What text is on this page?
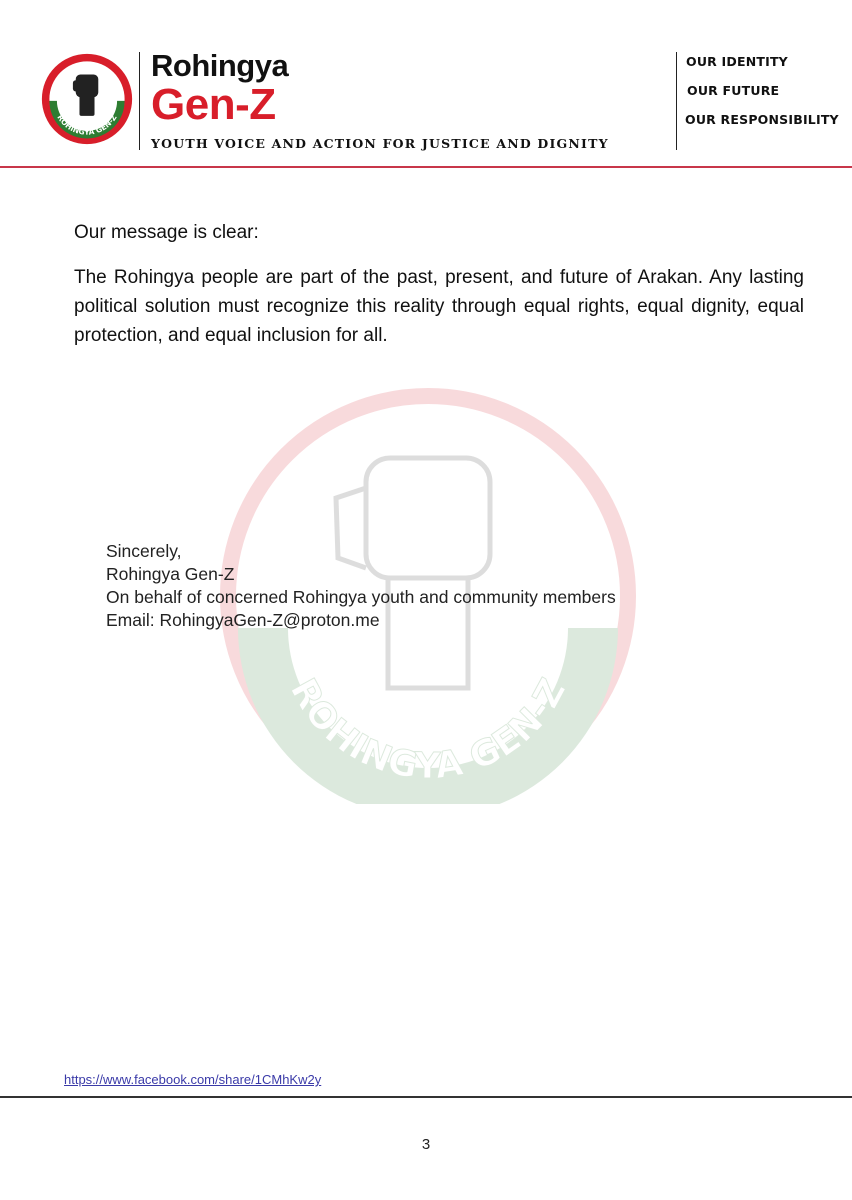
ROHINGYA GEN-Z
Rohingya
Gen-Z
YOUTH VOICE AND ACTION FOR JUSTICE AND DIGNITY
OUR IDENTITY
OUR FUTURE
OUR RESPONSIBILITY
ROHINGYA GEN-Z
Our message is clear:
The Rohingya people are part of the past, present, and future of Arakan. Any lasting political solution must recognize this reality through equal rights, equal dignity, equal protection, and equal inclusion for all.
Sincerely,
Rohingya Gen-Z
On behalf of concerned Rohingya youth and community members
Email: RohingyaGen-Z@proton.me
https://www.facebook.com/share/1CMhKw2y
3
